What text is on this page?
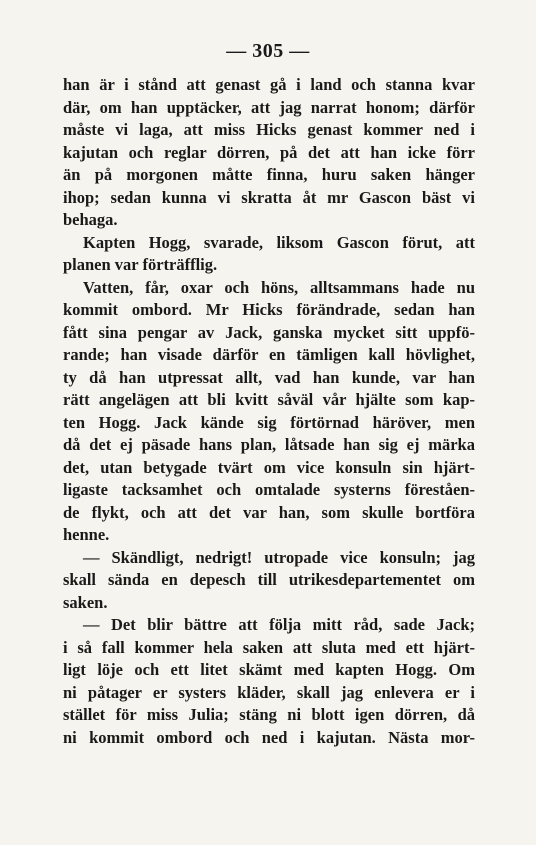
— 305 —
han är i stånd att genast gå i land och stanna kvar
där, om han upptäcker, att jag narrat honom; därför
måste vi laga, att miss Hicks genast kommer ned i
kajutan och reglar dörren, på det att han icke förr
än på morgonen måtte finna, huru saken hänger
ihop; sedan kunna vi skratta åt mr Gascon bäst vi
behaga.
Kapten Hogg, svarade, liksom Gascon förut, att
planen var förträfflig.
Vatten, får, oxar och höns, alltsammans hade nu
kommit ombord. Mr Hicks förändrade, sedan han
fått sina pengar av Jack, ganska mycket sitt uppfö-
rande; han visade därför en tämligen kall hövlighet,
ty då han utpressat allt, vad han kunde, var han
rätt angelägen att bli kvitt såväl vår hjälte som kap-
ten Hogg. Jack kände sig förtörnad häröver, men
då det ej pa͏̈sade hans plan, låtsade han sig ej märka
det, utan betygade tvärt om vice konsuln sin hjärt-
ligaste tacksamhet och omtalade systerns föreståen-
de flykt, och att det var han, som skulle bortföra
henne.
— Skändligt, nedrigt! utropade vice konsuln; jag
skall sända en depesch till utrikesdepartementet om
saken.
— Det blir bättre att följa mitt råd, sade Jack;
i så fall kommer hela saken att sluta med ett hjärt-
ligt löje och ett litet skämt med kapten Hogg. Om
ni påtager er systers kläder, skall jag enlevera er i
stället för miss Julia; stäng ni blott igen dörren, då
ni kommit ombord och ned i kajutan. Nästa mor-
